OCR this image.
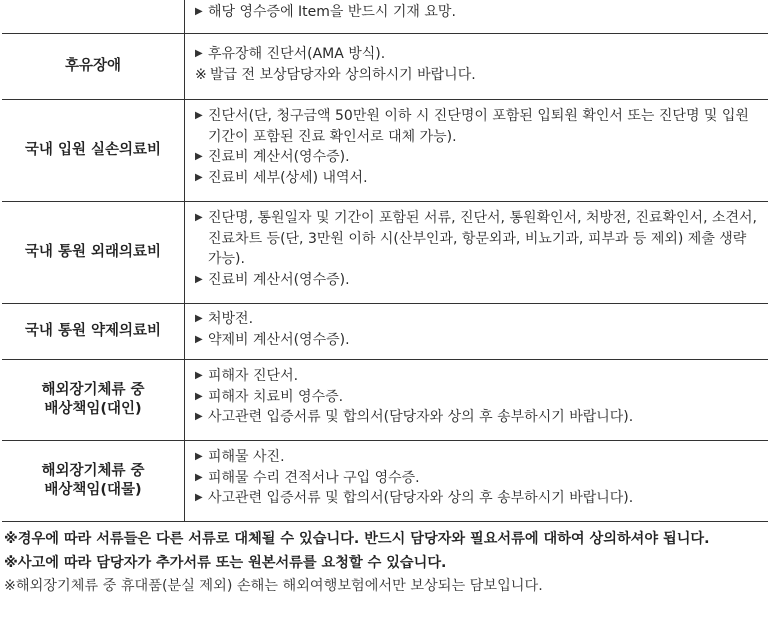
▶ 해당 영수증에 Item을 반드시 기재 요망.
후유장애
▶ 후유장해 진단서(AMA 방식).
※ 발급 전 보상담당자와 상의하시기 바랍니다.
국내 입원 실손의료비
▶ 진단서(단, 청구금액 50만원 이하 시 진단명이 포함된 입퇴원 확인서 또는 진단명 및 입원 기간이 포함된 진료 확인서로 대체 가능).
▶ 진료비 계산서(영수증).
▶ 진료비 세부(상세) 내역서.
국내 통원 외래의료비
▶ 진단명, 통원일자 및 기간이 포함된 서류, 진단서, 통원확인서, 처방전, 진료확인서, 소견서, 진료차트 등(단, 3만원 이하 시(산부인과, 항문외과, 비뇨기과, 피부과 등 제외) 제출 생략 가능).
▶ 진료비 계산서(영수증).
국내 통원 약제의료비
▶ 처방전.
▶ 약제비 계산서(영수증).
해외장기체류 중
배상책임(대인)
▶ 피해자 진단서.
▶ 피해자 치료비 영수증.
▶ 사고관련 입증서류 및 합의서(담당자와 상의 후 송부하시기 바랍니다).
해외장기체류 중
배상책임(대물)
▶ 피해물 사진.
▶ 피해물 수리 견적서나 구입 영수증.
▶ 사고관련 입증서류 및 합의서(담당자와 상의 후 송부하시기 바랍니다).
※경우에 따라 서류들은 다른 서류로 대체될 수 있습니다. 반드시 담당자와 필요서류에 대하여 상의하셔야 됩니다.
※사고에 따라 담당자가 추가서류 또는 원본서류를 요청할 수 있습니다.
※해외장기체류 중 휴대품(분실 제외) 손해는 해외여행보험에서만 보상되는 담보입니다.
